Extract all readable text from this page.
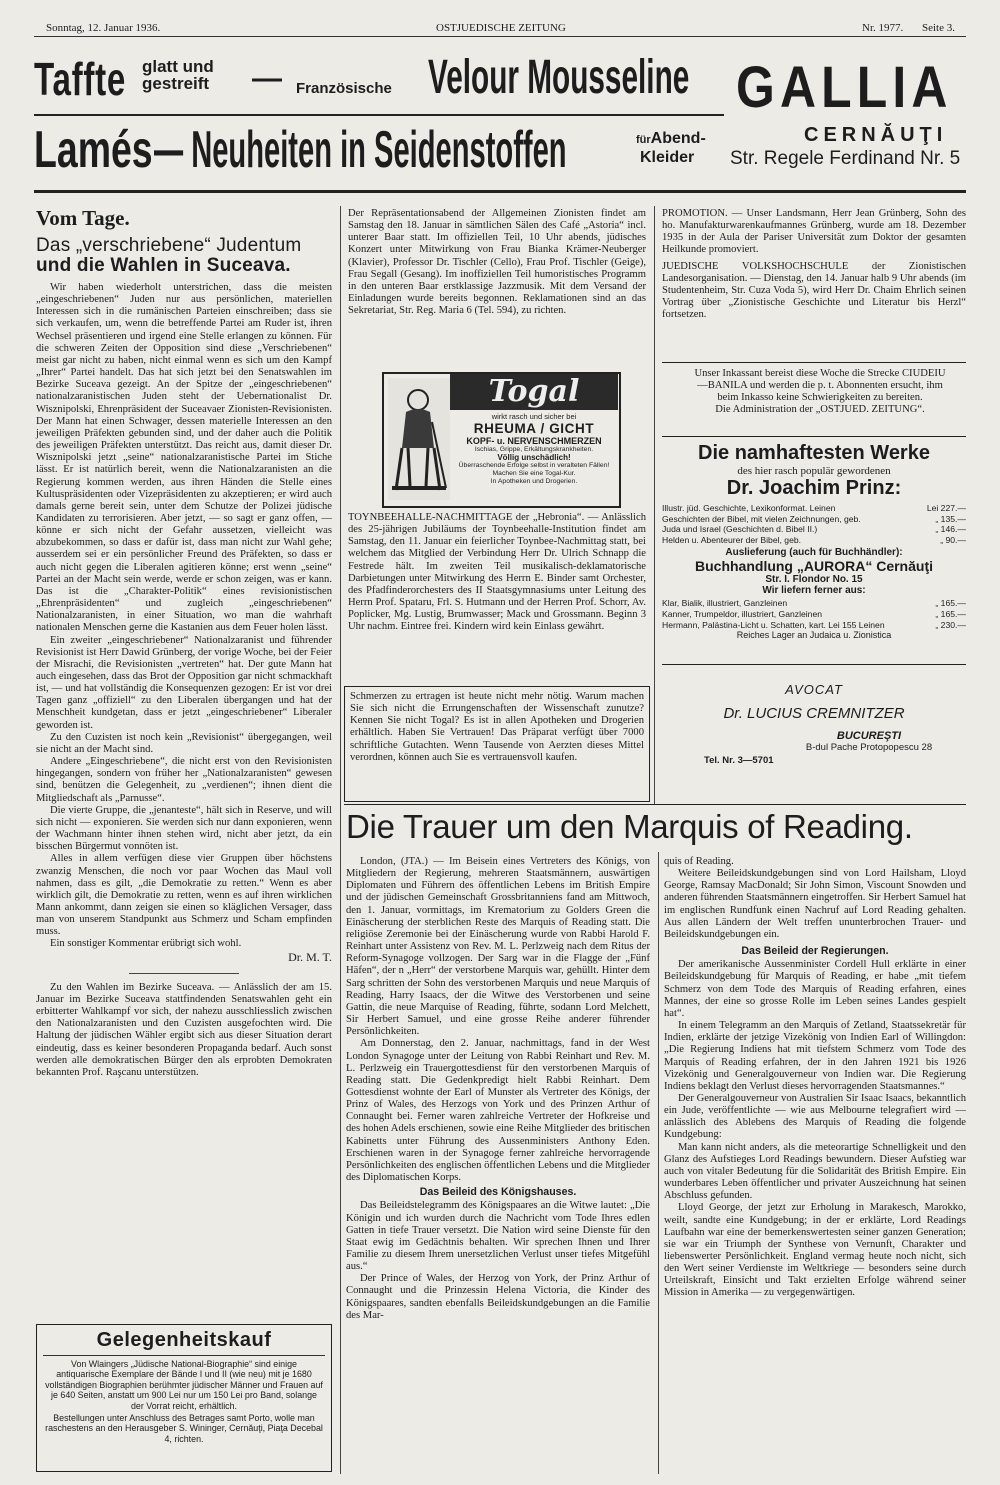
Sonntag, 12. Januar 1936.	OSTJUEDISCHE ZEITUNG	Nr. 1977. Seite 3.
Taffte glatt und
gestreift — Französische Velour Mousseline GALLIA
Lamés — Neuheiten in Seidenstoffen	fürAbend-
Kleider
CERNĂUŢI
Str. Regele Ferdinand Nr. 5
Vom Tage.
Das „verschriebene“ Judentum
und die Wahlen in Suceava.

Wir haben wiederholt unterstrichen, dass die meisten „eingeschriebenen“ Juden nur aus persönlichen, materiellen Interessen sich in die rumänischen Parteien einschreiben; dass sie sich verkaufen, um, wenn die betreffende Partei am Ruder ist, ihren Wechsel präsentieren und irgend eine Stelle erlangen zu können. Für die schweren Zeiten der Opposition sind diese „Verschriebenen“ meist gar nicht zu haben, nicht einmal wenn es sich um den Kampf „Ihrer“ Partei handelt. Das hat sich jetzt bei den Senatswahlen im Bezirke Suceava gezeigt. An der Spitze der „eingeschriebenen“ nationalzaranistischen Juden steht der Uebernationalist Dr. Wisznipolski, Ehrenpräsident der Suceavaer Zionisten-Revisionisten. Der Mann hat einen Schwager, dessen materielle Interessen an den jeweiligen Präfekten gebunden sind, und der daher auch die Politik des jeweiligen Präfekten unterstützt. Das reicht aus, damit dieser Dr. Wisznipolski jetzt „seine“ nationalzaranistische Partei im Stiche lässt. Er ist natürlich bereit, wenn die Nationalzaranisten an die Regierung kommen werden, aus ihren Händen die Stelle eines Kultuspräsidenten oder Vizepräsidenten zu akzeptieren; er wird auch damals gerne bereit sein, unter dem Schutze der Polizei jüdische Kandidaten zu terrorisieren. Aber jetzt, — so sagt er ganz offen, — könne er sich nicht der Gefahr aussetzen, vielleicht was abzubekommen, so dass er dafür ist, dass man nicht zur Wahl gehe; ausserdem sei er ein persönlicher Freund des Präfekten, so dass er auch nicht gegen die Liberalen agitieren könne; erst wenn „seine“ Partei an der Macht sein werde, werde er schon zeigen, was er kann. Das ist die „Charakter-Politik“ eines revisionistischen „Ehrenpräsidenten“ und zugleich „eingeschriebenen“ Nationalzaranisten, in einer Situation, wo man die wahrhaft nationalen Menschen gerne die Kastanien aus dem Feuer holen lässt.

Ein zweiter „eingeschriebener“ Nationalzaranist und führender Revisionist ist Herr Dawid Grünberg, der vorige Woche, bei der Feier der Misrachi, die Revisionisten „vertreten“ hat. Der gute Mann hat auch eingesehen, dass das Brot der Opposition gar nicht schmackhaft ist, — und hat vollständig die Konsequenzen gezogen: Er ist vor drei Tagen ganz „offiziell“ zu den Liberalen übergangen und hat der Menschheit kundgetan, dass er jetzt „eingeschriebener“ Liberaler geworden ist.

Zu den Cuzisten ist noch kein „Revisionist“ übergegangen, weil sie nicht an der Macht sind.

Andere „Eingeschriebene“, die nicht erst von den Revisionisten hingegangen, sondern von früher her „Nationalzaranisten“ gewesen sind, benützen die Gelegenheit, zu „verdienen“; ihnen dient die Mitgliedschaft als „Parnusse“.

Die vierte Gruppe, die „jenanteste“, hält sich in Reserve, und will sich nicht — exponieren. Sie werden sich nur dann exponieren, wenn der Wachmann hinter ihnen stehen wird, nicht aber jetzt, da ein bisschen Bürgermut vonnöten ist.

Alles in allem verfügen diese vier Gruppen über höchstens zwanzig Menschen, die noch vor paar Wochen das Maul voll nahmen, dass es gilt, „die Demokratie zu retten.“ Wenn es aber wirklich gilt, die Demokratie zu retten, wenn es auf ihren wirklichen Mann ankommt, dann zeigen sie einen so kläglichen Versager, dass man von unserem Standpunkt aus Schmerz und Scham empfinden muss.

Ein sonstiger Kommentar erübrigt sich wohl.

Dr. M. T.

Zu den Wahlen im Bezirke Suceava. — Anlässlich der am 15. Januar im Bezirke Suceava stattfindenden Senatswahlen geht ein erbitterter Wahlkampf vor sich, der nahezu ausschliesslich zwischen den Nationalzaranisten und den Cuzisten ausgefochten wird. Die Haltung der jüdischen Wähler ergibt sich aus dieser Situation derart eindeutig, dass es keiner besonderen Propaganda bedarf. Auch sonst werden alle demokratischen Bürger den als erprobten Demokraten bekannten Prof. Raşcanu unterstützen.

Gelegenheitskauf
Von Wlaingers „Jüdische National-Biographie“ sind einige antiquarische Exemplare der Bände I und II (wie neu) mit je 1680 vollständigen Biographien berühmter jüdischer Männer und Frauen auf je 640 Seiten, anstatt um 900 Lei nur um 150 Lei pro Band, solange der Vorrat reicht, erhältlich.
Bestellungen unter Anschluss des Betrages samt Porto, wolle man raschestens an den Herausgeber S. Wininger, Cernăuţi, Piaţa Decebal 4, richten.

Der Repräsentationsabend der Allgemeinen Zionisten findet am Samstag den 18. Januar in sämtlichen Sälen des Café „Astoria“ incl. unterer Baar statt. Im offiziellen Teil, 10 Uhr abends, jüdisches Konzert unter Mitwirkung von Frau Bianka Krämer-Neuberger (Klavier), Professor Dr. Tischler (Cello), Frau Prof. Tischler (Geige), Frau Segall (Gesang). Im inoffiziellen Teil humoristisches Programm in den unteren Baar erstklassige Jazzmusik. Mit dem Versand der Einladungen wurde bereits begonnen. Reklamationen sind an das Sekretariat, Str. Reg. Maria 6 (Tel. 594), zu richten.

Togal
wirkt rasch und sicher bei
RHEUMA / GICHT
KOPF- u. NERVENSCHMERZEN
Ischias, Grippe, Erkältungskrankheiten.
Völlig unschädlich!
Überraschende Erfolge selbst in veralteten Fällen! Machen Sie eine Togal-Kur.
In Apotheken und Drogerien.

TOYNBEEHALLE-NACHMITTAGE der „Hebronia“. — Anlässlich des 25-jährigen Jubiläums der Toynbeehalle-Institution findet am Samstag, den 11. Januar ein feierlicher Toynbee-Nachmittag statt, bei welchem das Mitglied der Verbindung Herr Dr. Ulrich Schnapp die Festrede hält. Im zweiten Teil musikalisch-deklamatorische Darbietungen unter Mitwirkung des Herrn E. Binder samt Orchester, des Pfadfinderorchesters des II Staatsgymnasiums unter Leitung des Herrn Prof. Spataru, Frl. S. Hutmann und der Herren Prof. Schorr, Av. Poplicker, Mg. Lustig, Brumwasser; Mack und Grossmann. Beginn 3 Uhr nachm. Eintree frei. Kindern wird kein Einlass gewährt.

Schmerzen zu ertragen ist heute nicht mehr nötig. Warum machen Sie sich nicht die Errungenschaften der Wissenschaft zunutze? Kennen Sie nicht Togal? Es ist in allen Apotheken und Drogerien erhältlich. Haben Sie Vertrauen! Das Präparat verfügt über 7000 schriftliche Gutachten. Wenn Tausende von Aerzten dieses Mittel verordnen, können auch Sie es vertrauensvoll kaufen.

PROMOTION. — Unser Landsmann, Herr Jean Grünberg, Sohn des ho. Manufakturwarenkaufmannes Grünberg, wurde am 18. Dezember 1935 in der Aula der Pariser Universität zum Doktor der gesamten Heilkunde promoviert.

JUEDISCHE VOLKSHOCHSCHULE der Zionistischen Landesorganisation. — Dienstag, den 14. Januar halb 9 Uhr abends (im Studentenheim, Str. Cuza Voda 5), wird Herr Dr. Chaim Ehrlich seinen Vortrag über „Zionistische Geschichte und Literatur bis Herzl“ fortsetzen.

Unser Inkassant bereist diese Woche die Strecke CIUDEIU—BANILA und werden die p. t. Abonnenten ersucht, ihm beim Inkasso keine Schwierigkeiten zu bereiten.
Die Administration der „OSTJUED. ZEITUNG“.
Die namhaftesten Werke
des hier rasch populär gewordenen
Dr. Joachim Prinz:
Illustr. jüd. Geschichte, Lexikonformat. Leinen	Lei 227.—
Geschichten der Bibel, mit vielen Zeichnungen, geb.	„ 135.—
Juda und Israel (Geschichten d. Bibel II.)	„ 146.—
Helden u. Abenteurer der Bibel, geb.	„ 90.—
Auslieferung (auch für Buchhändler):
Buchhandlung „AURORA“ Cernăuţi
Str. I. Flondor No. 15
Wir liefern ferner aus:
Klar, Bialik, illustriert, Ganzleinen	„ 165.—
Kanner, Trumpeldor, illustriert, Ganzleinen	„ 165.—
Hermann, Palästina-Licht u. Schatten, kart. Lei 155 Leinen	„ 230.—
Reiches Lager an Judaica u. Zionistica
AVOCAT
Dr. LUCIUS CREMNITZER
BUCUREŞTI
B-dul Pache Protopopescu 28
Tel. Nr. 3—5701
Die Trauer um den Marquis of Reading.

London, (JTA.) — Im Beisein eines Vertreters des Königs, von Mitgliedern der Regierung, mehreren Staatsmännern, auswärtigen Diplomaten und Führern des öffentlichen Lebens im British Empire und der jüdischen Gemeinschaft Grossbritanniens fand am Mittwoch, den 1. Januar, vormittags, im Krematorium zu Golders Green die Einäscherung der sterblichen Reste des Marquis of Reading statt. Die religiöse Zeremonie bei der Einäscherung wurde von Rabbi Harold F. Reinhart unter Assistenz von Rev. M. L. Perlzweig nach dem Ritus der Reform-Synagoge vollzogen. Der Sarg war in die Flagge der „Fünf Häfen“, der n „Herr“ der verstorbene Marquis war, gehüllt. Hinter dem Sarg schritten der Sohn des verstorbenen Marquis und neue Marquis of Reading, Harry Isaacs, der die Witwe des Verstorbenen und seine Gattin, die neue Marquise of Reading, führte, sodann Lord Melchett, Sir Herbert Samuel, und eine grosse Reihe anderer führender Persönlichkeiten.

Am Donnerstag, den 2. Januar, nachmittags, fand in der West London Synagoge unter der Leitung von Rabbi Reinhart und Rev. M. L. Perlzweig ein Trauergottesdienst für den verstorbenen Marquis of Reading statt. Die Gedenkpredigt hielt Rabbi Reinhart. Dem Gottesdienst wohnte der Earl of Munster als Vertreter des Königs, der Prinz of Wales, des Herzogs von York und des Prinzen Arthur of Connaught bei. Ferner waren zahlreiche Vertreter der Hofkreise und des hohen Adels erschienen, sowie eine Reihe Mitglieder des britischen Kabinetts unter Führung des Aussenministers Anthony Eden. Erschienen waren in der Synagoge ferner zahlreiche hervorragende Persönlichkeiten des englischen öffentlichen Lebens und die Mitglieder des Diplomatischen Korps.

Das Beileid des Königshauses.

Das Beileidstelegramm des Königspaares an die Witwe lautet: „Die Königin und ich wurden durch die Nachricht vom Tode Ihres edlen Gatten in tiefe Trauer versetzt. Die Nation wird seine Dienste für den Staat ewig im Gedächtnis behalten. Wir sprechen Ihnen und Ihrer Familie zu diesem Ihrem unersetzlichen Verlust unser tiefes Mitgefühl aus.“

Der Prince of Wales, der Herzog von York, der Prinz Arthur of Connaught und die Prinzessin Helena Victoria, die Kinder des Königspaares, sandten ebenfalls Beileidskundgebungen an die Familie des Mar-

quis of Reading.

Weitere Beileidskundgebungen sind von Lord Hailsham, Lloyd George, Ramsay MacDonald; Sir John Simon, Viscount Snowden und anderen führenden Staatsmännern eingetroffen. Sir Herbert Samuel hat im englischen Rundfunk einen Nachruf auf Lord Reading gehalten. Aus allen Ländern der Welt treffen ununterbrochen Trauer- und Beileidskundgebungen ein.

Das Beileid der Regierungen.

Der amerikanische Aussenminister Cordell Hull erklärte in einer Beileidskundgebung für Marquis of Reading, er habe „mit tiefem Schmerz von dem Tode des Marquis of Reading erfahren, eines Mannes, der eine so grosse Rolle im Leben seines Landes gespielt hat“.

In einem Telegramm an den Marquis of Zetland, Staatssekretär für Indien, erklärte der jetzige Vizekönig von Indien Earl of Willingdon: „Die Regierung Indiens hat mit tiefstem Schmerz vom Tode des Marquis of Reading erfahren, der in den Jahren 1921 bis 1926 Vizekönig und Generalgouverneur von Indien war. Die Regierung Indiens beklagt den Verlust dieses hervorragenden Staatsmannes.“

Der Generalgouverneur von Australien Sir Isaac Isaacs, bekanntlich ein Jude, veröffentlichte — wie aus Melbourne telegrafiert wird — anlässlich des Ablebens des Marquis of Reading die folgende Kundgebung:

Man kann nicht anders, als die meteorartige Schnelligkeit und den Glanz des Aufstieges Lord Readings bewundern. Dieser Aufstieg war auch von vitaler Bedeutung für die Solidarität des British Empire. Ein wunderbares Leben öffentlicher und privater Auszeichnung hat seinen Abschluss gefunden.

Lloyd George, der jetzt zur Erholung in Marakesch, Marokko, weilt, sandte eine Kundgebung; in der er erklärte, Lord Readings Laufbahn war eine der bemerkenswertesten seiner ganzen Generation; sie war ein Triumph der Synthese von Vernunft, Charakter und liebenswerter Persönlichkeit. England vermag heute noch nicht, sich den Wert seiner Verdienste im Weltkriege — besonders seine durch Urteilskraft, Einsicht und Takt erzielten Erfolge während seiner Mission in Amerika — zu vergegenwärtigen.
